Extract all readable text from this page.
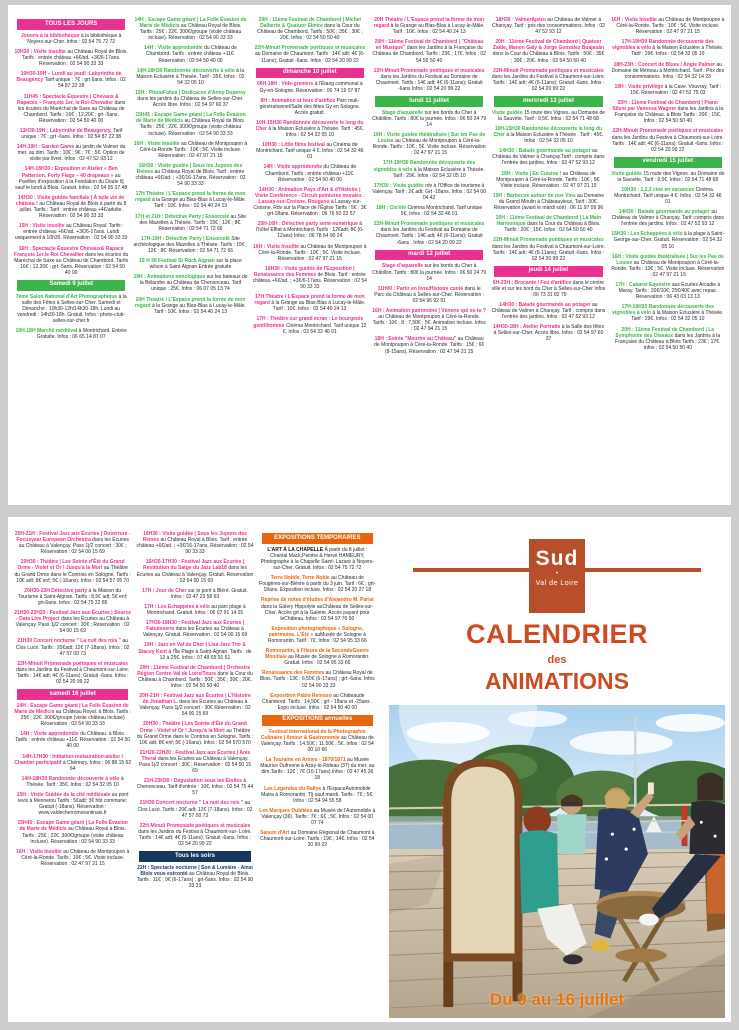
TOUS LES JOURS

Jouons à la bibliothèque à la bibliothèque à Noyers-sur-Cher. Infos : 02 54 75 72 72

10H30 : Visite insolite au Château Royal de Blois. Tarifs : entrée château +6€/ad. +3€/6-17ans. Réservation : 02 54 90 33 33

10H30-19H – Lundi au jeudi :Labyrinthe de Beaugency Tarif unique : 7€ ; grt 6ans. Infos : 02 54 87 22 38

11H45 : Spectacle Équestre | Chevaux & Rapaces – François 1er, le Roi-Chevalier dans les écuries du Maréchal de Saxe au Château de Chambord. Tarifs : 16€ ; 12,20€ ; grt -5ans. Réservation : 02 54 50 40 00

13H30-19H : Labyrinthe de Beaugency. Tarif unique : 7€ ; grt -6ans. Infos : 02 54 87 22 38

14H-19H : Garden Game au jardin de Valmer du mer. au dim. Tarifs : 10€ ; 9€ ; 7€ ; 5€. Option de visite par livret. Infos : 02 47 52 93 12

14H-18H30 : Exposition et Atelier « Ben Patterson, Forty Flags – 40 drapeaux » au Pavillon d'exposition à la Fondation du Doute tlj sauf le lundi à Blois. Gratuit. Infos : 02 54 55 37 48

14H30 : Visite guidée familiale | À toile vie de château ! au Château Royal de Blois à partir du 8 juillet. Tarifs : Tarif : entrée château +4€/adulte. Réservation : 02 54 90 33 33

15H : Visite insolite au Château Royal. Tarifs : entrée château +6€/ad. +3€/6-17ans. Lundi uniquement à 10h30. Réservation : 02 54 90 33 33

16H : Spectacle Équestre Chevaux& Rapace François 1er,le Roi Chevallier dans les écuries du Maréchal de Saxe au Château de Chambord. Tarifs : 16€ ; 12,20€ ; grt -5ans. Réservation : 02 54 50 40 00

Samedi 9 juillet

7ème Salon National d'Art Photographique à la salle des Fêtes à Selles-sur-Cher. Samedi et Dimanche : 10h30-12h/14h30-18h. Lundi au vendredi : 14h30-18h. Gratuit. Infos : photo-club-selles-sur-cher.fr

10H-18H Marché médiéval à Montrichard. Entrée Gratuite. Infos : 06 65 14 87 07

14H : Escape Game géant | La Folle Évasion de Marie de Médicis au Château Royal de Blois. Tarifs : 25€ ; 22€. 300€/groupe (visite château incluse). Réservation : 02 54 90 33 33

14H : Visite approdondie du Château de Chambord. Tarifs : entrée château +11€. Réservation : 02 54 50 40 00

14H-18H30 Randonnée découverte à vélo à la Maison Eclusière à Thésée. Tarif : 35€. Infos : 02 54 32 05 10

15H : PhotoFolies | Dédicaces d'Anny Duperey dans les jardins du Château de Selles-sur-Cher. Accès libre. Infos : 02 54 97 60 37

15H45 : Escape Game géant | La Folle Évasion de Marie de Médicis au Château Royal de Blois. Tarifs : 25€ ; 22€. 300€/groupe (visite château incluse). Réservation : 02 54 90 33 33

16H : Visite Insolite au Château de Montpoupon à Céré-la-Ronde Tarifs : 10€ ; 5€. Visite incluse. Réservation : 02 47 97 21 15

16H30 : Visite guidée | Sous les Jupons des Reines au Château Royal de Blois. Tarif : entrée château +6€/ad. ; +3€/16-17ans. Réservation : 02 54 90 33 33

17H Théatre / L'Espace prend la forme de mon regard à la Grange au Blas-Blas à Lucay-le-Mâle. Tarif : 10€. Infos : 02 54 40 24 13

17H et 21H : Détective Party | Ensorcelé au Site des Mazelles à Thésée. Tarifs : 15€ ; 12€ ; 8€. Réservation : 02 54 71 72 66

17H-19H : Détective Party | Ensorcelé Site archéologique des Mazelles à Thésée. Tarifs : 15€ ; 12€ ; 8€. Réservation : 02 54 71 72 66

19 H 30 Festival St Rock Aignan sur la place wilson à Saint Aignan Entrée gratuite

19H : Animations oenologique sur les bateaux de la Bélandre au Château de Chenonceau. Tarif unique : 25€. Infos : 06 07 05 13 74

20H Théatre / L'Espace prend la forme de mon regard à la Grange au Blas-Blas à Lucay-le-Mâle. Tarif : 10€. Infos : 02 54 40 24 13

20H : 11ème Festival de Chambord | Michel Dalberto & Quatuor Elmire dans la Cour du Château de Chambord. Tarifs : 50€ ; 35€ ; 30€ ; 20€. Infos : 02 54 50 50 40

22H-Minuit Promenade poétiques et musicales au Domaine de Chaumont. Tarifs : 14€ adt; 4€ (6-11ans); Gratuit -6ans. Infos : 02 54 20 99 22

dimanche 10 juillet

06H-18H : Vide-greniers à l'Étang communal à Gy-en-Sologne. Réservation : 06 74 19 07 87

8H : Animation et feux d'artifice Parc muli-générationnel/Salle des fêtes Gy en Sologne. Accès gratuit.

10H-15H30 Randonnée découverte le long du Cher à la Maison Eclusière à Thésée. Tarif : 45€. Infos : 02 54 32 05 10

10H30 : Little films festival au Cinéma de Montrichard. Tarif unique 4 €. Infos : 02 54 32 46 01

14H : Visite approdondie du Château de Chambord. Tarifs : entrée château +11€. Réservation : 02 54 50 40 00

14H30 : Animation Pays d'Art & d'Histoire | Visite Conférence - Circuit peintures murales : Lassay-sur-Croisne, Rougeou à Lassay-sur-Croisne. Rdv sur la Place de l'Église Tarifs : 5€ ; 3€ ; grt-18ans. Réservation : 06 76 50 23 57

15H-16H : Détective party semi-numérique à l'hôtel Effiat à Montrichard. Tarifs : 12€adt; 8€ (6-12ans) Infos : 06 78 64 90 24

16H : Visite Insolite au Château de Montpoupon à Céré-la-Ronde. Tarifs : 10€ ; 5€. Visite incluse. Réservation : 02 47 97 21 15

16H30 : Visite guidée de l'Exposition | Renaissance des Femmes de Blois. Tarif : entrée château +6€/ad. ; +3€/6-17ans. Réservation : 02 54 90 33 33

17H Théatre / L'Espace prend la forme de mon regard à la Grange au Blas-Blas à Lucay-le-Mâle. Tarif : 10€. Infos : 02 54 40 24 13

17H : Théâtre sur grand écran : Le bourgeois gentilhomme Cinéma Montrichard. Tarif unique 12 €. Infos : 02 54 32 46 01

20H Théatre / L'Espace prend la forme de mon regard à la Grange au Blas-Blas à Lucay-le-Mâle. Tarif : 10€. Infos : 02 54 40 24 13

20H : 11ème Festival de Chambord | "Château en Musique" dans les Jardins à la Française du Château de Chambord. Tarifs : 23€ ; 17€. Infos : 02 54 50 50 40

22H-Minuit Promenade poétiques et musicales dans les Jardins du Festival au Domaine de Chaumont. Tarifs : 14€ adt; 4€ (6-11ans); Gratuit -6ans Infos : 02 54 20 99 22

lundi 11 juillet

Stage d'aquarelle sur les bords du Cher à Châtillon. Tarifs : 80€ la journée. Infos : 06 50 24 79 14

16H : Visite guidée théâtralisée | Sur les Pas de Louise au Château de Montpoupon à Céré-la-Ronde. Tarifs : 10€ ; 5€. Visite incluse. Réservation : 02 47 97 21 15

17H-19H30 Randonnée découverte des vignobles à vélo à la Maison Eclusière à Thésée. Tarif : 29€. Infos : 02 54 32 05 10

17H30 : Visite guidée rdv à l'Office de tourisme à Valençay. Tarif : 2€ adt; Grt -18ans. Infos : 02 54 00 04 42

18H : Cin'été Cinéma Montrichand. Tarif unique 5€. Infos : 02 54 32 46 01

22H-Minuit Promenade poétiques et musicales dans les Jardins du Festival au Domaine de Chaumont. Tarifs : 14€ adt; 4€ (6-11ans); Gratuit -6ans . Infos : 02 54 20 99 22

mardi 12 juillet

Stage d'aquarelle sur les bords du Cher à Châtillon. Tarifs : 80€ la journée. Infos : 06 50 24 79 14

11H00 : Partir en livre/Histoire conté dans le Parc du Château à Selles-sur-Cher. Réservation : 02 54 96 92 91

16H : Animation patrimoine | Vènerie qui es-tu ? au Château de Montpoupon à Céré-la-Ronde. Tarifs : 10€ ; 8 ; 7,50€ ; 5€. Animation incluse. Infos : 02 47 94 21 15

18H : Soirée "Meurtre au Château" au Château de Montpoupon à Céré-la-Ronde. Tarifs : 15€ ; 6€ (8-15ans). Réservation : 02 47 94 21 15

18H30 : ValmerApéro au Château de Valmer à Chançay. Tarif : prix des consommations. Infos : 02 47 52 93 12

20H : 11ème Festival de Chambord | Quatuor Zaïde, Manon Galy & Jorge González Buajasán dans la Cour du Château à Blois. Tarifs : 50€ ; 35€ ; 30€ ; 20€. Infos : 02 54 50 50 40

22H-Minuit Promenade poétiques et musicales dans les Jardins du Festival à Chaumont-sur-Loire. Tarifs : 14€ adt; 4€ (6-11ans); Gratuit -6ans. Infos : 02 54 20 99 22

mercredi 13 juillet

Visite guidée 15 route des Vignes. au Domaine de la Sauvète. Tarif : 9,5€. Infos : 02 54 71 48 68

10H-15H30 Randonnée découverte le long du Cher à la Maison Eclusière à Thésée . Tarif : 45€. Infos : 02 54 32 05 10

14H30 : Balade gourmande au potager au Château de Valmer à Chançay.Tarif : compris dans l'entrée des jardins. Infos : 02 47 52 93 12

16H : Visite | En Cuisine ! au Château de Montpoupon à Céré-la-Ronde. Tarifs : 10€ ; 5€. Visite incluse. Réservation : 02 47 97 21 15

19H : Barbecue autour de nos Vins au Domaine du Grand Moulin à Châteauvieux. Tarif : 30€. Réservation (avant le mardi soir) : 06 11 97 09 96

20H : 11ème Festival de Chambord | La Main Harmonique dans la Cour du Château à Blois. Tarifs : 20€ ; 15€. Infos : 02 54 50 50 40

22H-Minuit Promenade poétiques et musicales dans les Jardins du Festival à Chaumont-sur-Loire. Tarifs : 14€ adt; 4€ (6-11ans); Gratuit -6ans. Infos : 02 54 20 99 22

jeudi 14 juillet

6H-23H : Brocante / Feu d'artifice dans le centre ville et sur les bord du Cher à Selles-sur-Cher Infos : 06 73 31 82 79

14H30 : Balade gourmande au potager au Château de Valmer à Chançay. Tarif : compris dans l'entrée des jardins. Infos : 02 47 52 93 12

14H30-18H : Atelier Portraits à la Salle des fêtes à Selles-sur-Cher. Accès libre. Infos : 02 54 97 60 37

16H : Visite Insolite au Château de Montpoupon à Céré-la-Ronde. Tarifs : 10€ ; 5€. Visite incluse. Réservation : 02 47 97 21 15

17H-19H30 Randonnée découverte des vignobles à vélo à la Maison Eclusière à Thésée. Tarif : 29€. Infos : 02 54 32 05 10

18H-23H : Concert de Blues / Angie Palmer au Domaine de Mérieau à Montrichard. Tarif : Prix des consommations. Infos : 02 54 32 14 23

19H : Visite privilège à la Cave. Vouvray. Tarif : 15€. Réservation : 02 47 52 75 03

20H : 11ème Festival de Chambord | Piano Silent par Vanessa Wagner dans les Jardins à la Française du Château. à Blois Tarifs : 20€ ; 15€. Infos : 02 54 50 50 40

22H-Minuit Promenade poétiques et musicales dans les Jardins du Festiva à Chaumont-sur-Loire. Tarifs : 14€ adt; 4€ (6-11ans); Gratuit -6ans. Infos : 02 54 20 99 22

vendredi 15 juillet

Visite guidée 15 route des Vignes. au Domaine de la Sauvète. Tarif : 9,5€. Infos : 02 54 71 48 68

10H30 : 1,2,3 ciné en vacances Cinéma. Montrichard. Tarif unique 4 €. Infos : 02 54 32 46 01

14H30 : Balade gourmande au potager au Château de Valmer à Chançay. Tarif :compris dans l'entrée des jardins. Infos : 02 47 52 93 12

15H30 : Les Echappées à vélo à la plage à Saint-George-sur-Cher. Gratuit. Réservation : 02 54 32 05 10

16H : Visite guidée théâtralisée | Sur les Pas de Louise au Château de Montpoupon à Céré-la-Ronde. Tarifs : 10€ ; 5€. Visite incluse. Réservation : 02 47 97 21 15

17H : Cabaret Equestre aux Ecuries Arcadie à Maray. Tarifs : 20€/10€; 25€/40€ avec repas. Réservation : 06 43 03 13 13

17H-19H30 Randonnée découverte des vignobles à vélo à la Maison Eclusière à Thésée. Tarif : 29€. Infos : 02 54 32 05 10

20H : 11ème Festival de Chambord | La Symphonie des Oiseaux dans les Jardins à la Française du Château à Blois Tarifs : 23€ ; 17€. Infos : 02 54 50 50 40

20H-21H : Festival Jazz aux Écuries | Ouverture - Focusyear European Orchestra dans les Écuries au Château à Valençay. Pass 1j/2 concert : 30€ ; Réservation : 02 54 00 15 69

20H30 : Théâtre | Les Soirée d'Été du Grand Orme - Violet et Or ! Jusqu'à la Mort au Théâtre du Grand Orme dans le Controis en Sologne. Tarifs : 10€ adt; 8€ enf; 5€ (-16ans). Infos : 02 54 57 05 70

20H30-22H Détective party à la Maison du Tourisme à Saint-Aignan. Tarifs : 8,5€ adt; 5€ enf; grt-6ans. Infos : 02 54 75 22 85

21H20-22H20 : Festival Jazz aux Écuries | Source - Data Live Project dans les Écuries au Château à Valençay. Pass 1j/2 concert : 30€ ; Réservation : 02 54 00 15 69

21H30 Concert nocturne " La nuit des rois " au Clos Lucé. Tarifs : 20€adt; 12€ (7-18ans). Infos : 02 47 57 00 73

22H-Minuit Promenade poétiques et musicales dans les Jardins du Festival à Chaumont-sur-Loire. Tarifs : 14€ adt; 4€ (6-11ans); Gratuit -6ans. Infos : 02 54 20 99 22

samedi 16 juillet

14H : Escape Game géant | La Folle Évasion de Marie de Médicis au Château Royal. à Blois. Tarifs : 25€ ; 22€. 300€/groupe (visite château incluse) Réservation : 02 54 90 33 33

14H : Visite approdondie du Château. à Blois. Tarifs : entrée château +11€. Réservation : 02 54 50 40 00

14H-17H30 : Initiation-restauration-atelier / Chantier participatif à Chémery. Infos : 06 88 15 62 64

14H-18H30 Randonnée découverte à vélo à Thésée. Tarif : 35€. Infos : 02 54 32 05 10

15H : Visite Guidée de la cité médiévale au pont levis à Mennetou Tarifs : 5€adt; 3€ hbt commune; Gratuit (-18ans). Réservation : www.valdecherromorantinais.fr

15H45 : Escape Game géant | La Folle Évasion de Marie de Médicis au Château Royal à Blois. Tarifs : 25€ ; 22€. 300€/groupe (visite château incluse). Réservation : 02 54 90 33 33

16H : Visite Insolite au Château de Montpoupon à Céré-la-Ronde. Tarifs : 10€ ; 5€. Visite incluse. Réservation : 02 47 97 21 15

16H30 : Visite guidée | Sous les Jupons des Reines au Château Royal à Blois. Tarif : entrée château +6€/ad. ; +3€/16-17ans. Réservation : 02 54 90 33 33

16H30-17H30 : Festival Jazz aux Écuries | Restitution du Satge du Jazz Lab18 dans les Écuries au Château à Valençay. Gratuit. Réservation : 02 54 00 15 69

17H : Jour de Cher sur le pont à Bléré. Gratuit. Infos : 02 47 23 58 63

17H : Les Echappées à vélo au parc plage à Montrichand. Gratuit. Infos : 06 07 91 14 15

17H30-18H30 : Festival Jazz aux Écuries | Fabuloserie dans les Écuries au Château à Valençay. Gratuit. Réservation : 02 54 00 15 69

19H : Jazz en Val de Cher | Lisa Jazz Trio & Stacey Kent à l'Île Plage à Saint-Agnan. Tarifs : de 12 à 25€. Infos : 07 49 65 91 51

20H : 11ème Festival de Chambord | Orchestre Région Centre-Val de Loire/Tours dans la Cour du Château à Chambord. Tarifs : 50€ ; 35€ ; 30€ ; 20€. Infos : 02 54 50 50 40

20H-21H : Festival Jazz aux Écuries | L'Histoire de Jonathan L. dans les Écuries au Château à Valençay. Pass 1j/2 concert : 30€ Réservation : 02 54 00 15 69

20H30 : Théâtre | Les Soirée d'Été du Grand Orme - Violet et Or ! Jusqu'à la Mort au Théâtre du Grand Orme dans le Controis en Sologne. Tarifs : 10€ adt; 8€ enf; 5€ (-16ans). Infos : 02 54 570 570

21H20-22H20 : Festival Jazz aux Écuries | Anis Therai dans les Écuries au Château à Valençay. Pass 1j/2 concert : 30€ ; Réservation : 02 54 00 15 69

21H-23H30 : Dégustation sous les Étoiles à Chenonceau. Tarif d'entrée : 10€. Infos : 02 54 75 44 57

21H30 Concert nocturne " La nuit des rois " au Clos Lucé. Tarifs : 20€ adt; 12€ (7-18ans). Infos : 02 47 57 00 73

22H-Minuit Promenade poétiques et musicales dans les Jardins du Festiva à Chaumont-sur- Loire. Tarifs : 14€ adt; 4€ (6-11ans); Gratuit -6ans. Infos : 02 54 20 99 22

Tous les soirs

22H : Spectacle nocturne | Son & Lumière - Ainsi Blois vous estconté au Château Royal de Blois. Tarifs : 11€ ; 9€ (6-17ans) ; grt-6ans. Infos : 02 54 90 33 33

EXPOSITIONS TEMPORAIRES

L'ART À LA CHAPELLE À partir du 8 juillet : Chantal Mack,Peintre & Hervé HAMEURY, Photographe à la Chapelle Saint- Lazare à Noyers-sur-Cher. Gratuit. Infos : 02 54 75 72 72

Terre Nobile, Terre Noble au Château de Fougères-sur-Bièvre à partir du 3 juin. Tarif : 6€ ; grt-18ans. Exposition incluse. Infos : 02 54 20 27 18

Reprise de notes d'études d'Alejandro M. Parisi dans la Galery Hippolyte auChâteau de Selles-sur-Cher. Accès grt à la Galerie. Accès payant pour leChâteau. Infos : 02 54 97 76 50

Exposition photographique « Sologne, patrimoine. L'Été » auMusée de Sologne à Romorantin. Tarif : 7€. Infos : 02 54 95 33 66

Romorantin, à l'Heure de la SecondeGuerre Mondiale au Musée de Sologne à Romorantin. Gratuit. Infos : 02 54 95 33 66

Renaissance des Femmes au Château Royal de Blois. Tarifs : 13€ ; 6,50€ (6-17ans) ; grt -6ans. Infos : 02 54 90 33 33

Exposition Pablo Reinoso au Châteaude Chambord. Tarifs : 14,50€ ; grt - 18ans et -25ans . Expo incluse. Infos : 02 54 50 40 00

EXPOSITIONS annuelles

Festival International de la Photographie Culinaire | Amour & Gastronomie au Château de Valençay. Tarifs : 14.50€ ; 11.50€ ; 5€. Infos : 02 54 00 10 66

La Touraine en Armes - 1870/1871 au Musée Maurice Dufresne à Azay-le-Rideau (37) du mer. au dim.Tarifs : 12€ ; 7€ (10-17ans).Infos : 02 47 45 36 18

Les Légendes du Rallye à l'EspaceAutomobile Matra à Romorantin. Tlj sauf mardi. Tarifs : 7€ ; 5€. Infos : 02 54 94 55 58

Les Marques Oubliées au Musée de l'Automobile à Valençay (36). Tarifs : 7€ ; 6€ ; 5€. Infos : 02 54 00 07 74

Saison d'Art au Domaine Régional de Chaumont à Chaumont-sur-Loire. Tarifs : 19€ ; 14€. Infos : 02 54 20 99 22

Sud
•
Val de Loire
CALENDRIER
des
ANIMATIONS
Du 9 au 16 juillet
